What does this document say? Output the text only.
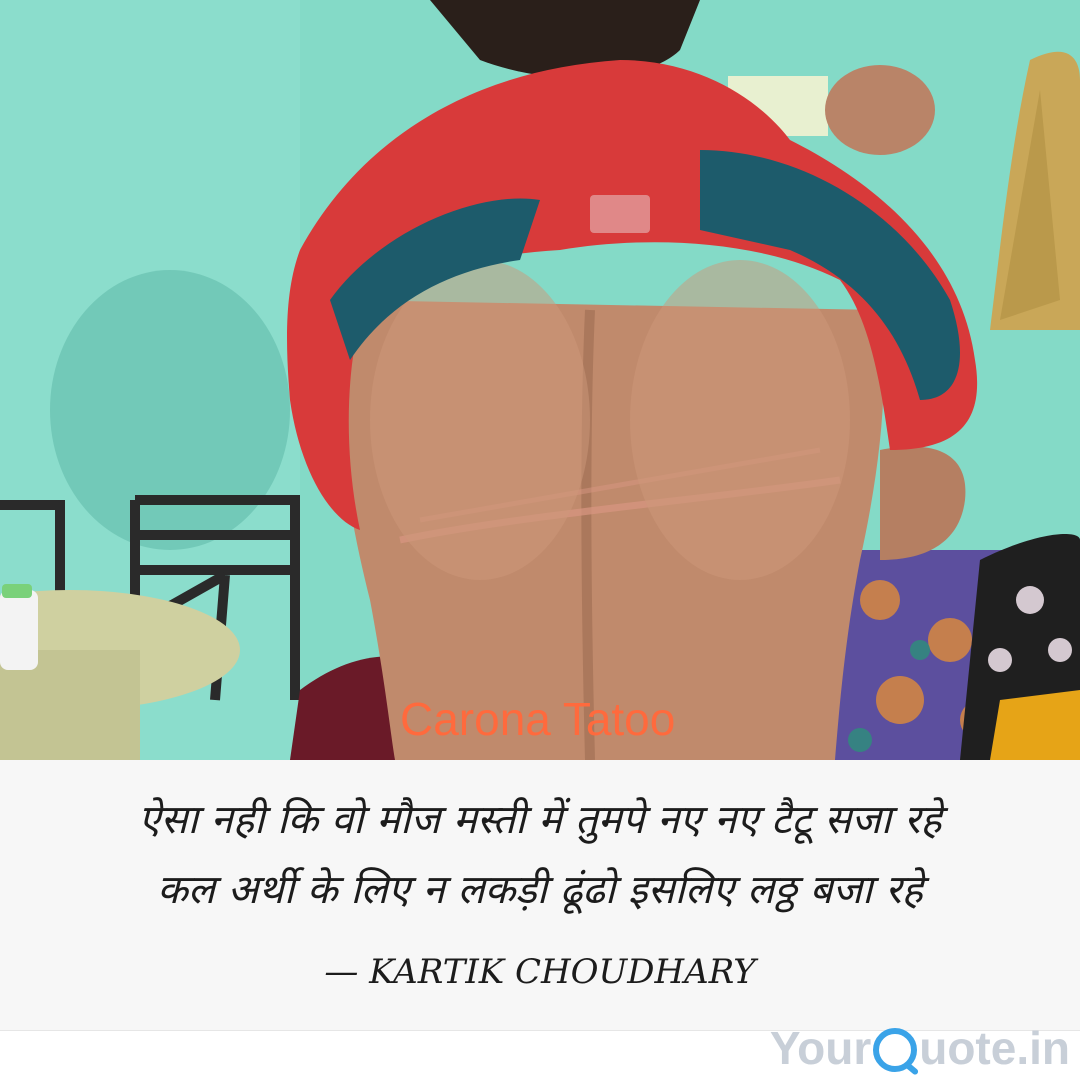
Carona Tatoo
ऐसा नही कि वो मौज मस्ती में तुमपे नए नए टैटू सजा रहे
कल अर्थी के लिए न लकड़ी ढूंढो इसलिए लठ्ठ बजा रहे
— KARTIK CHOUDHARY
Your uote.in
